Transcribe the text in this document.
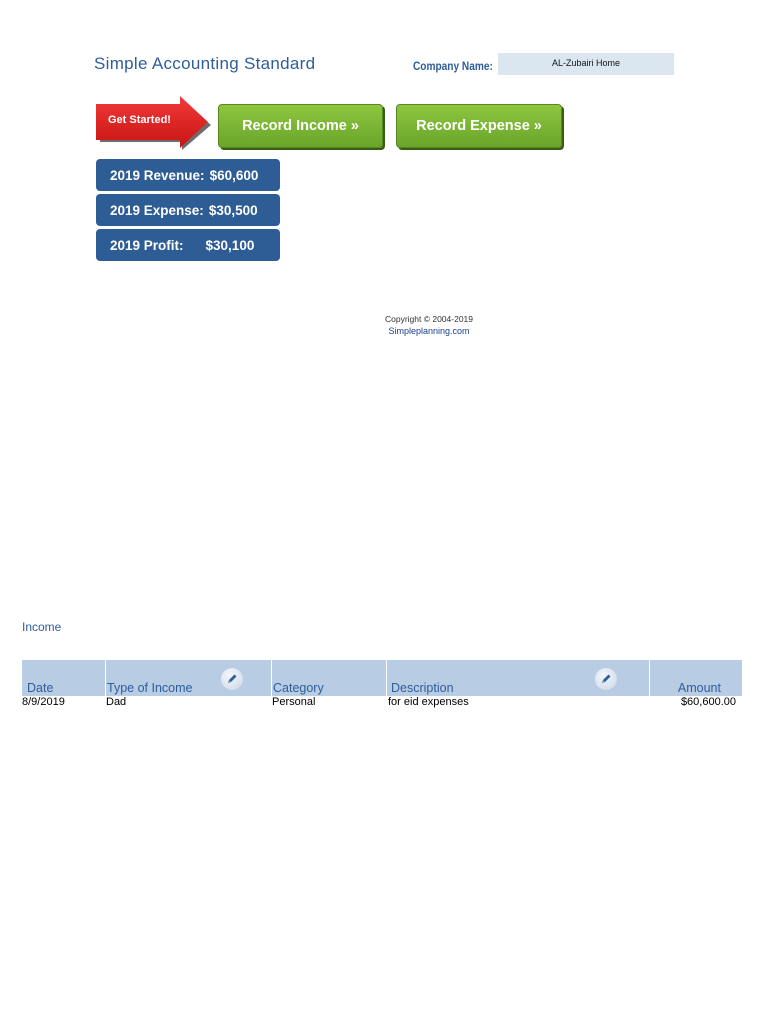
Simple Accounting Standard	Company Name:	AL-Zubairi Home
Get Started!	Record Income »	Record Expense »
2019 Revenue: $60,600
2019 Expense: $30,500
2019 Profit: $30,100
Copyright © 2004-2019
Simpleplanning.com
Income
Date	Type of Income	Category	Description	Amount
8/9/2019	Dad	Personal	for eid expenses	$60,600.00
